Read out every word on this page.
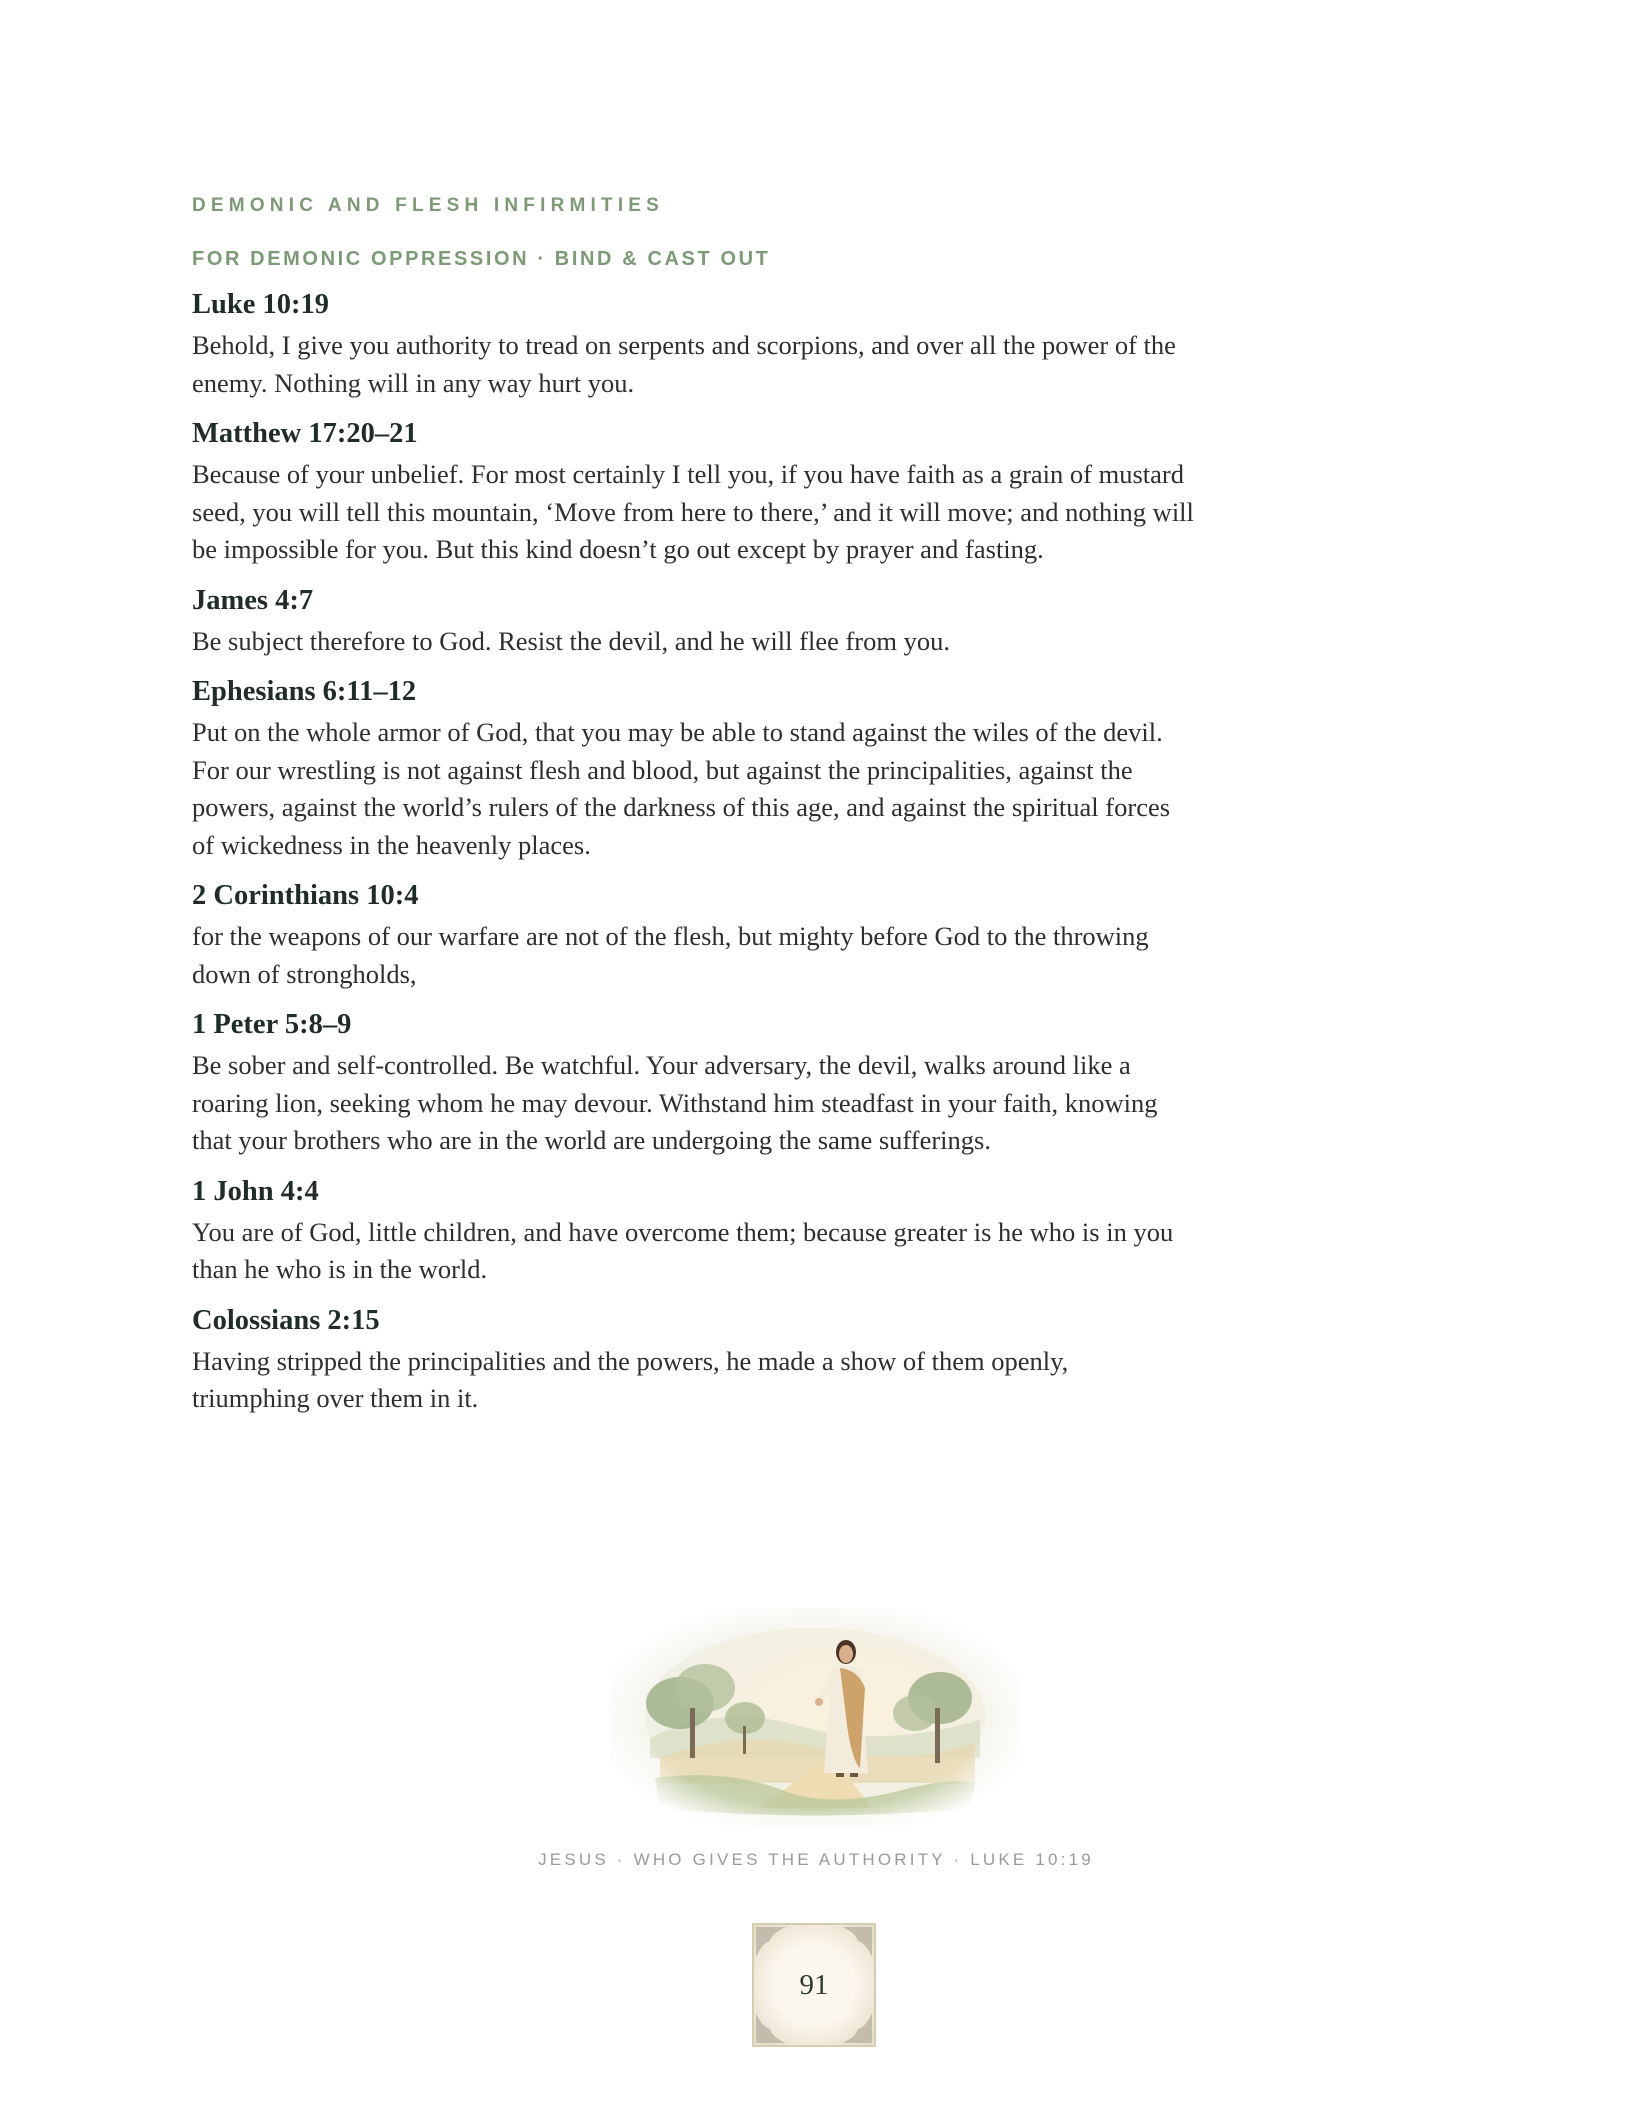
DEMONIC AND FLESH INFIRMITIES
FOR DEMONIC OPPRESSION · BIND & CAST OUT
Luke 10:19
Behold, I give you authority to tread on serpents and scorpions, and over all the power of the
enemy. Nothing will in any way hurt you.
Matthew 17:20–21
Because of your unbelief. For most certainly I tell you, if you have faith as a grain of mustard
seed, you will tell this mountain, ‘Move from here to there,’ and it will move; and nothing will
be impossible for you. But this kind doesn’t go out except by prayer and fasting.
James 4:7
Be subject therefore to God. Resist the devil, and he will flee from you.
Ephesians 6:11–12
Put on the whole armor of God, that you may be able to stand against the wiles of the devil.
For our wrestling is not against flesh and blood, but against the principalities, against the
powers, against the world’s rulers of the darkness of this age, and against the spiritual forces
of wickedness in the heavenly places.
2 Corinthians 10:4
for the weapons of our warfare are not of the flesh, but mighty before God to the throwing
down of strongholds,
1 Peter 5:8–9
Be sober and self-controlled. Be watchful. Your adversary, the devil, walks around like a
roaring lion, seeking whom he may devour. Withstand him steadfast in your faith, knowing
that your brothers who are in the world are undergoing the same sufferings.
1 John 4:4
You are of God, little children, and have overcome them; because greater is he who is in you
than he who is in the world.
Colossians 2:15
Having stripped the principalities and the powers, he made a show of them openly,
triumphing over them in it.
JESUS · WHO GIVES THE AUTHORITY · LUKE 10:19
91
